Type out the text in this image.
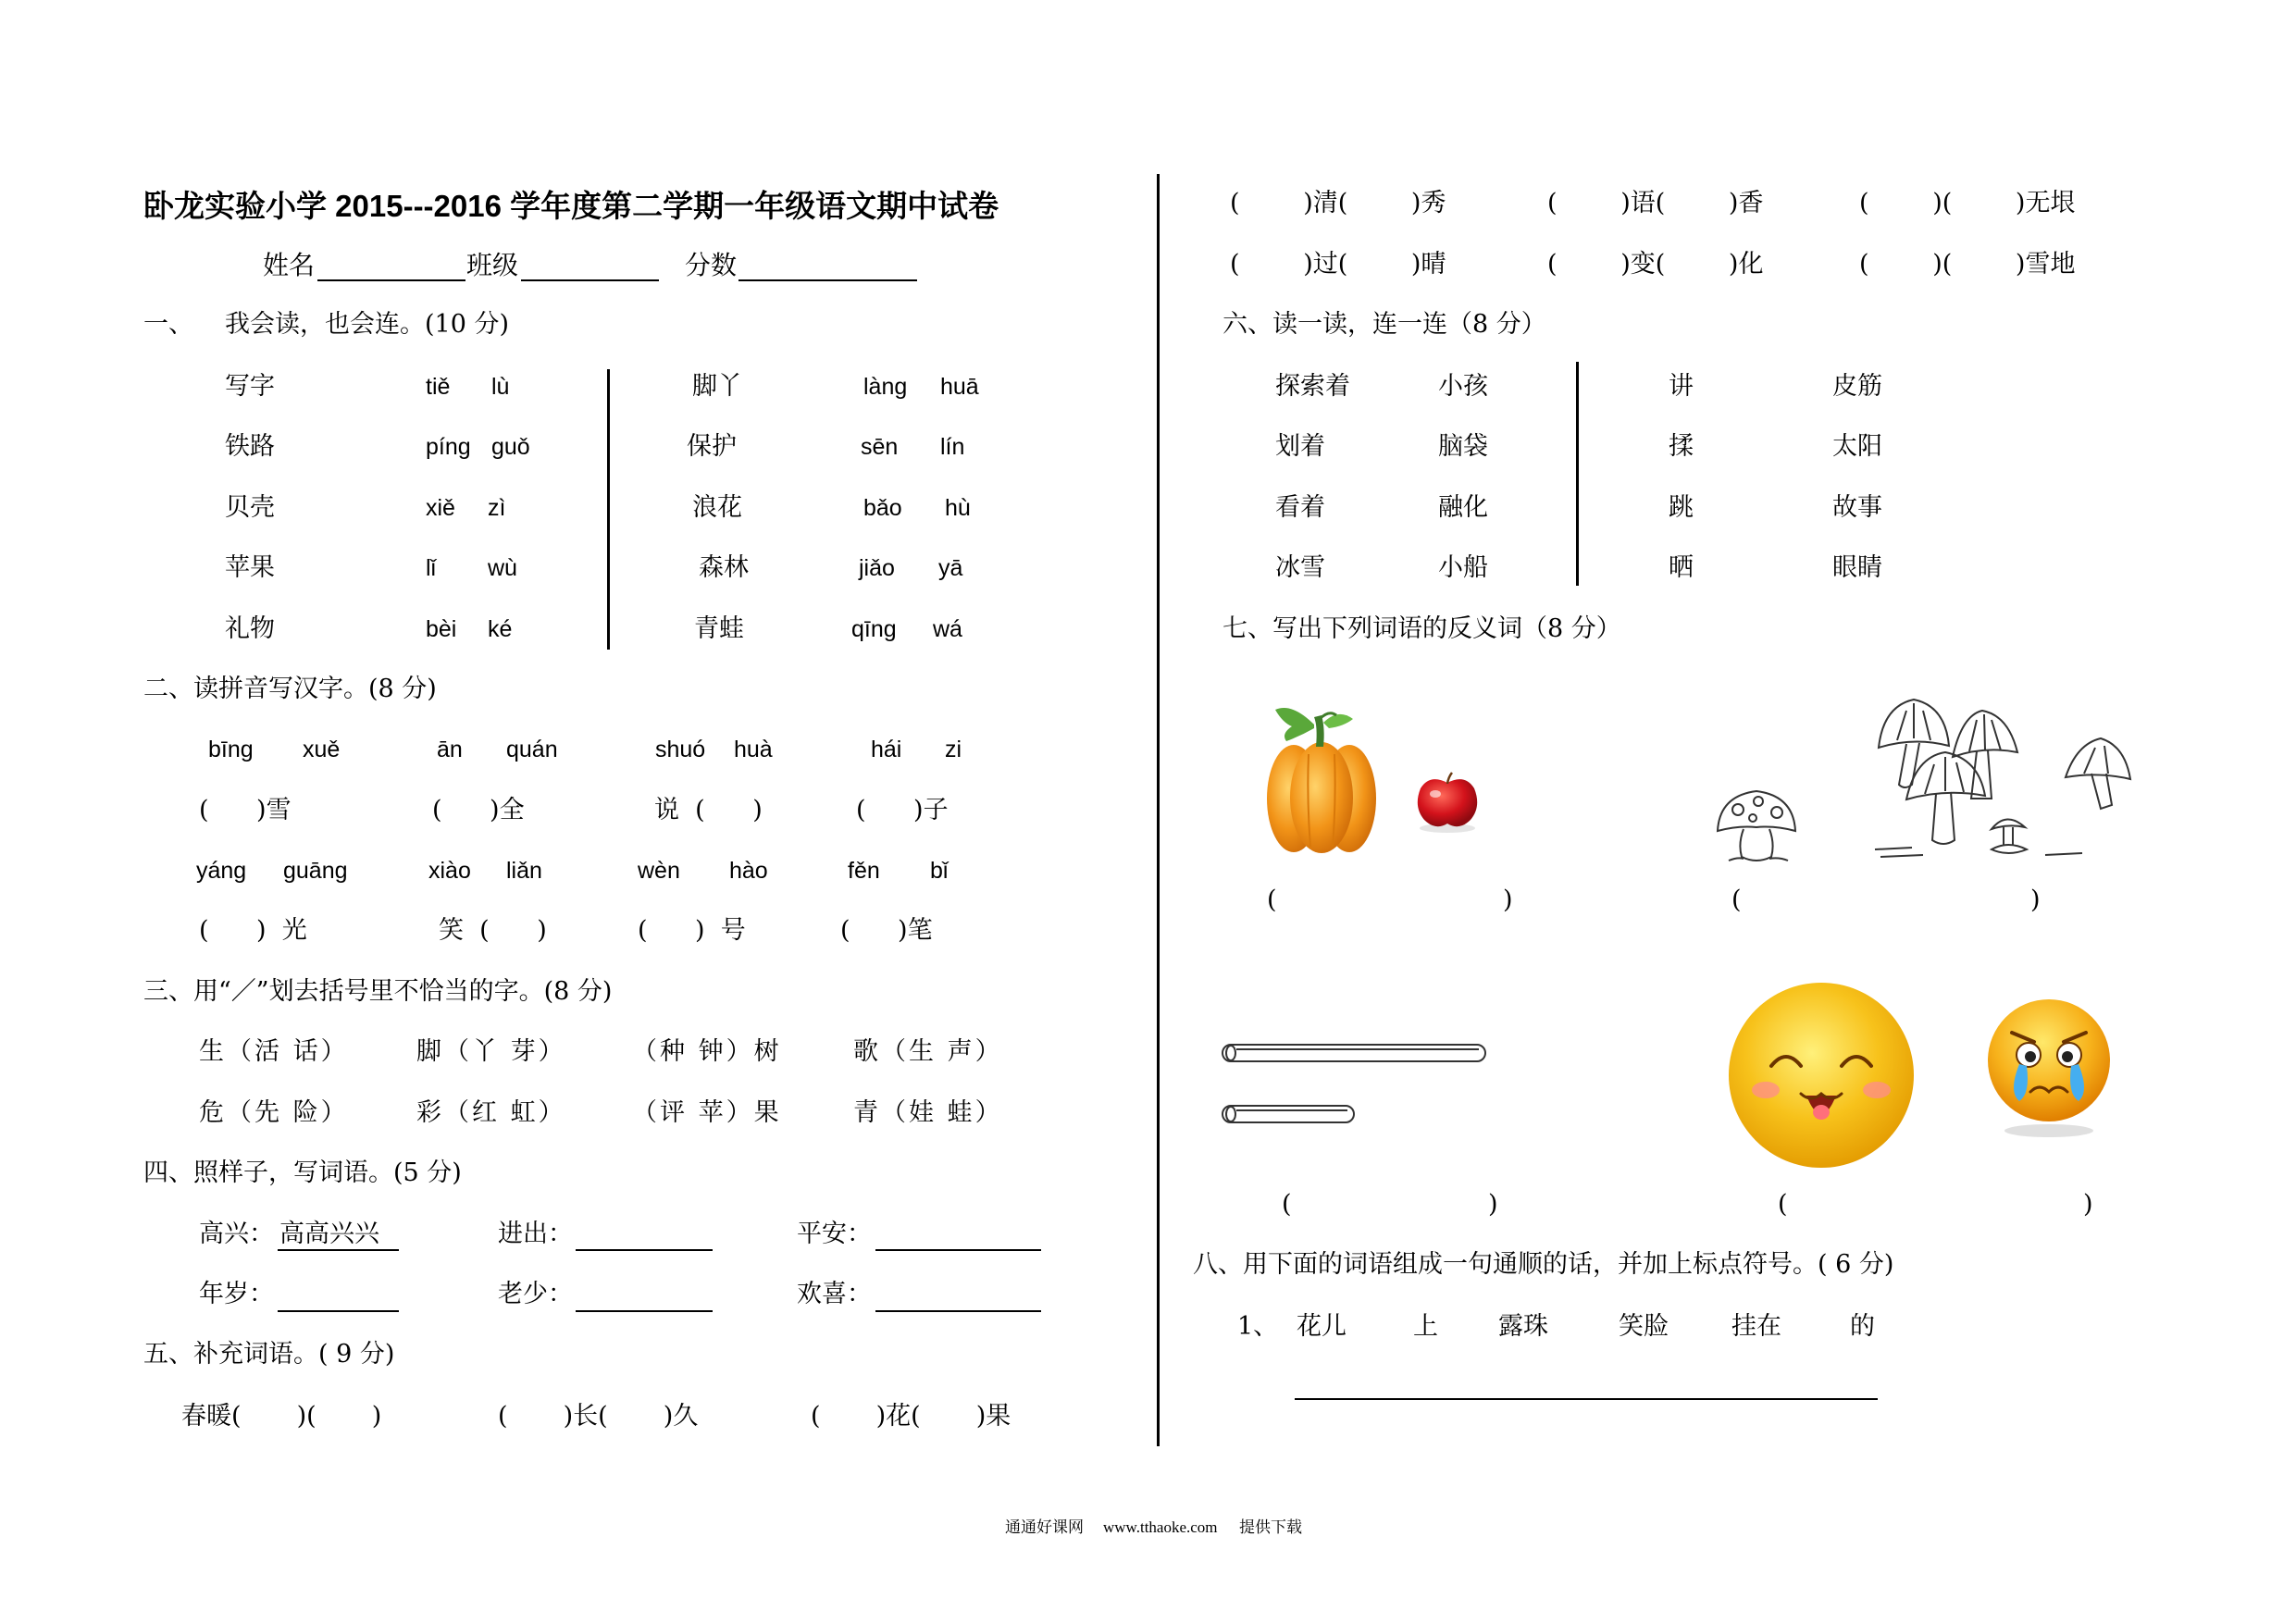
卧龙实验小学 2015---2016 学年度第二学期一年级语文期中试卷
姓名	班级	分数
一、 我会读，也会连。(10 分)
写字	tiě lù	脚丫	làng huā
铁路	píng guǒ	保护	sēn lín
贝壳	xiě zì	浪花	bǎo hù
苹果	lǐ wù	森林	jiǎo yā
礼物	bèi ké	青蛙	qīng wá
二、读拼音写汉字。(8 分)
bīng xuě	ān quán	shuó huà	hái zi
(      )雪	(      )全	说  (      )	(      )子
yáng guāng	xiào liǎn	wèn hào	fěn bǐ
(      )  光	笑  (      )	(      )  号	(      )笔
三、用“／”划去括号里不恰当的字。(8 分)
生（活 话）	脚（丫 芽）	（种 钟）树	歌（生 声）
危（先 险）	彩（红 虹）	（评 苹）果	青（娃 蛙）
四、照样子，写词语。(5 分)
高兴： 高高兴兴	进出：	平安：
年岁：	老少：	欢喜：
五、补充词语。( 9 分)
春暖(       )(       )	(       )长(       )久	(       )花(       )果
(        )清(        )秀	(        )语(        )香	(        )(        )无垠
(        )过(        )晴	(        )变(        )化	(        )(        )雪地
六、读一读，连一连（8 分）
探索着	小孩	讲	皮筋
划着	脑袋	揉	太阳
看着	融化	跳	故事
冰雪	小船	晒	眼睛
七、写出下列词语的反义词（8 分）
(	)	(	)
(	)	(	)
八、用下面的词语组成一句通顺的话，并加上标点符号。( 6 分)
1、 花儿	上 露珠	笑脸	挂在	的
通通好课网 www.tthaoke.com 提供下载
